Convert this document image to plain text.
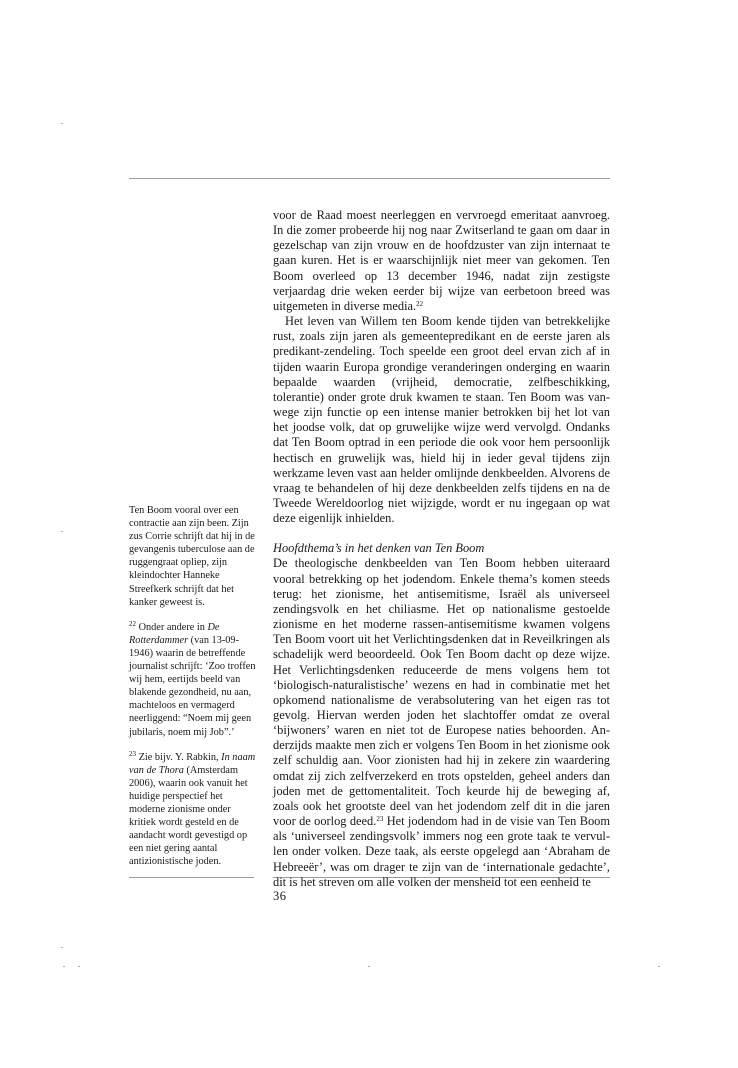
voor de Raad moest neerleggen en vervroegd emeritaat aanvroeg. In die zomer probeerde hij nog naar Zwitserland te gaan om daar in gezelschap van zijn vrouw en de hoofdzuster van zijn internaat te gaan kuren. Het is er waarschijnlijk niet meer van gekomen. Ten Boom overleed op 13 december 1946, nadat zijn zestigste verjaardag drie weken eerder bij wijze van eerbetoon breed was uitgemeten in diverse media.$^{22}$

Het leven van Willem ten Boom kende tijden van betrekkelijke rust, zoals zijn jaren als gemeentepredikant en de eerste jaren als predikant-zendeling. Toch speelde een groot deel ervan zich af in tijden waarin Europa grondige veranderingen onderging en waarin bepaalde waarden (vrijheid, democratie, zelfbeschikking, tolerantie) onder grote druk kwamen te staan. Ten Boom was vanwege zijn functie op een intense manier betrokken bij het lot van het joodse volk, dat op gruwelijke wijze werd vervolgd. Ondanks dat Ten Boom optrad in een periode die ook voor hem persoonlijk hectisch en gruwelijk was, hield hij in ieder geval tijdens zijn werkzame leven vast aan helder omlijnde denkbeelden. Alvorens de vraag te behandelen of hij deze denkbeelden zelfs tijdens en na de Tweede Wereldoorlog niet wijzigde, wordt er nu ingegaan op wat deze eigenlijk inhielden.

Hoofdthema’s in het denken van Ten Boom

De theologische denkbeelden van Ten Boom hebben uiteraard vooral betrekking op het jodendom. Enkele thema’s komen steeds terug: het zionisme, het antisemitisme, Israël als universeel zendingsvolk en het chiliasme. Het op nationalisme gestoelde zionisme en het moderne rassen-antisemitisme kwamen volgens Ten Boom voort uit het Verlichtingsdenken dat in Reveilkringen als schadelijk werd beoordeeld. Ook Ten Boom dacht op deze wijze. Het Verlichtingsdenken reduceerde de mens volgens hem tot ‘biologisch-naturalistische’ wezens en had in combinatie met het opkomend nationalisme de verabsolutering van het eigen ras tot gevolg. Hiervan werden joden het slachtoffer omdat ze overal ‘bijwoners’ waren en niet tot de Europese naties behoorden. Anderzijds maakte men zich er volgens Ten Boom in het zionisme ook zelf schuldig aan. Voor zionisten had hij in zekere zin waardering omdat zij zich zelfverzekerd en trots opstelden, geheel anders dan joden met de gettomentaliteit. Toch keurde hij de beweging af, zoals ook het grootste deel van het jodendom zelf dit in die jaren voor de oorlog deed.$^{23}$ Het jodendom had in de visie van Ten Boom als ‘universeel zendingsvolk’ immers nog een grote taak te vervullen onder volken. Deze taak, als eerste opgelegd aan ‘Abraham de Hebreeër’, was om drager te zijn van de ‘internationale gedachte’, dit is het streven om alle volken der mensheid tot een eenheid te

Ten Boom vooral over een contractie aan zijn been. Zijn zus Corrie schrijft dat hij in de gevangenis tuberculose aan de ruggengraat opliep, zijn kleindochter Hanneke Streefkerk schrijft dat het kanker geweest is.

$^{22}$ Onder andere in De Rotterdammer (van 13-09-1946) waarin de betreffende journalist schrijft: ‘Zoo troffen wij hem, eertijds beeld van blakende gezondheid, nu aan, machteloos en vermagerd neerliggend: “Noem mij geen jubilaris, noem mij Job”.’

$^{23}$ Zie bijv. Y. Rabkin, In naam van de Thora (Amsterdam 2006), waarin ook vanuit het huidige perspectief het moderne zionisme onder kritiek wordt gesteld en de aandacht wordt gevestigd op een niet gering aantal antizionistische joden.

36
